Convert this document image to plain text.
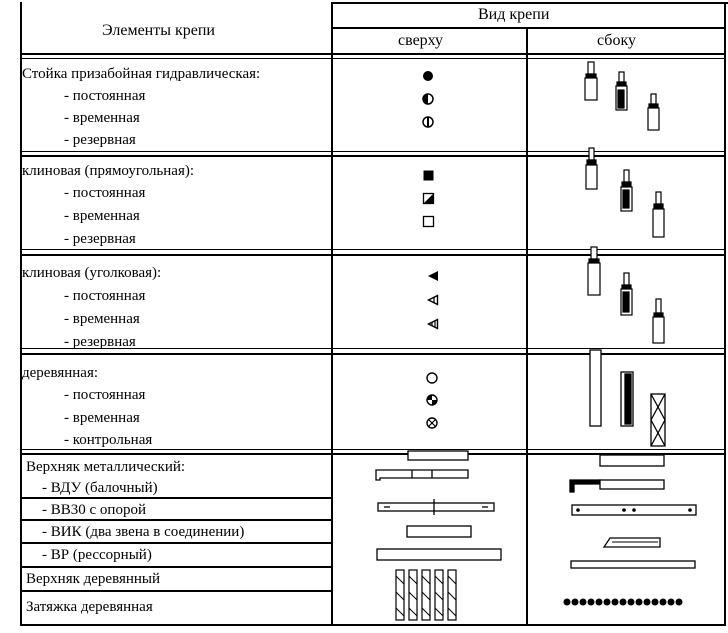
Элементы крепи
Вид крепи
сверху	сбоку
Стойка призабойная гидравлическая:
- постоянная
- временная
- резервная
клиновая (прямоугольная):
- постоянная
- временная
- резервная
клиновая (уголковая):
- постоянная
- временная
- резервная
деревянная:
- постоянная
- временная
- контрольная
Верхняк металлический:
- ВДУ (балочный)
- ВВ30 с опорой
- ВИК (два звена в соединении)
- ВР (рессорный)
Верхняк деревянный
Затяжка деревянная
